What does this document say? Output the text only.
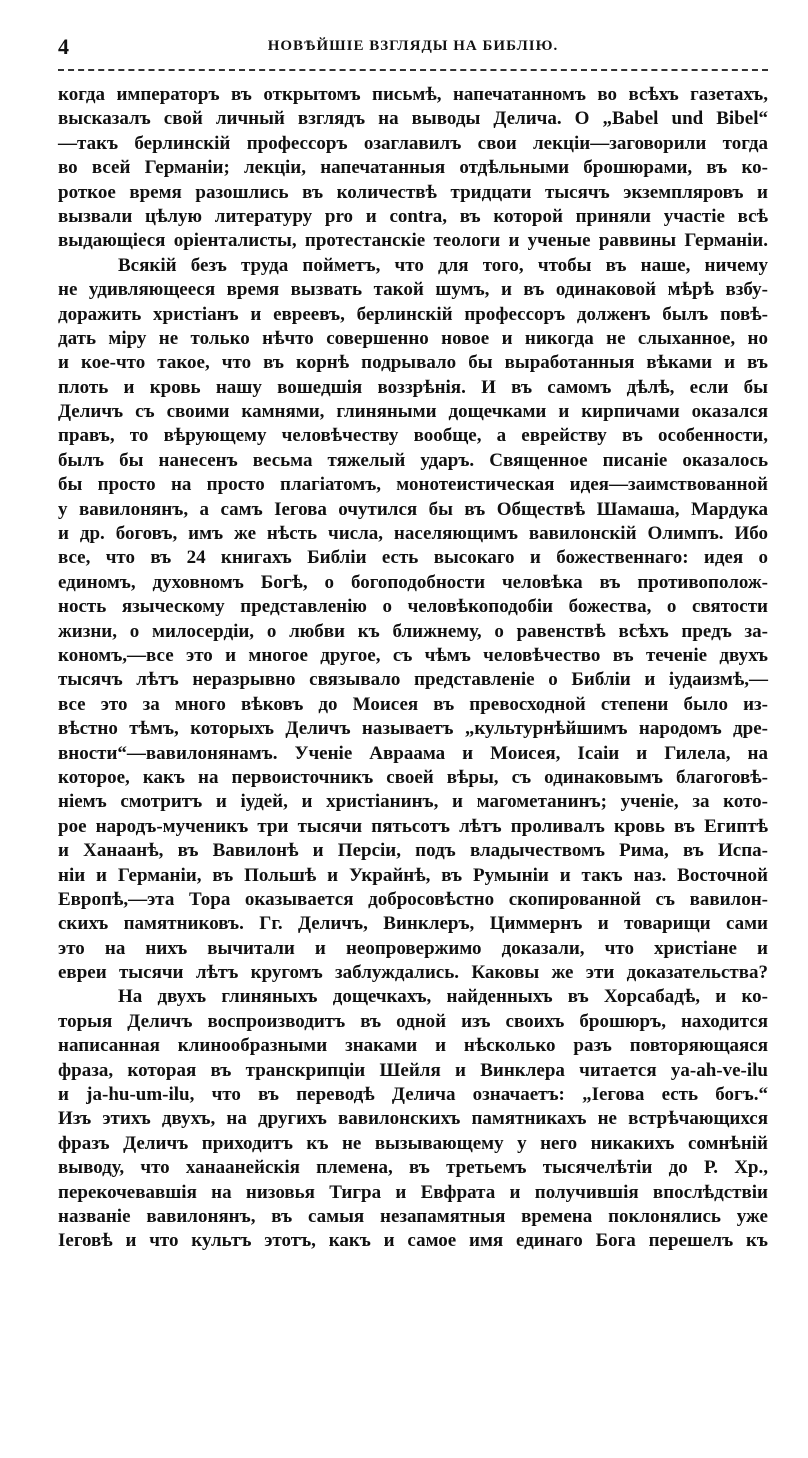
4	НОВѢЙШІЕ ВЗГЛЯДЫ НА БИБЛІЮ.
когда императоръ въ открытомъ письмѣ, напечатанномъ во всѣхъ газетахъ,
высказалъ свой личный взглядъ на выводы Делича. О „Babel und Bibel“
—такъ берлинскій профессоръ озаглавилъ свои лекціи—заговорили тогда
во всей Германіи; лекціи, напечатанныя отдѣльными брошюрами, въ ко-
роткое время разошлись въ количествѣ тридцати тысячъ экземпляровъ и
вызвали цѣлую литературу pro и contra, въ которой приняли участіе всѣ
выдающіеся оріенталисты, протестанскіе теологи и ученые раввины Германіи.
Всякій безъ труда пойметъ, что для того, чтобы въ наше, ничему
не удивляющееся время вызвать такой шумъ, и въ одинаковой мѣрѣ взбу-
доражить христіанъ и евреевъ, берлинскій профессоръ долженъ былъ повѣ-
дать міру не только нѣчто совершенно новое и никогда не слыханное, но
и кое-что такое, что въ корнѣ подрывало бы выработанныя вѣками и въ
плоть и кровь нашу вошедшія воззрѣнія. И въ самомъ дѣлѣ, если бы
Деличъ съ своими камнями, глиняными дощечками и кирпичами оказался
правъ, то вѣрующему человѣчеству вообще, а еврейству въ особенности,
былъ бы нанесенъ весьма тяжелый ударъ. Священное писаніе оказалось
бы просто на просто плагіатомъ, монотеистическая идея—заимствованной
у вавилонянъ, а самъ Іегова очутился бы въ Обществѣ Шамаша, Мардука
и др. боговъ, имъ же нѣсть числа, населяющимъ вавилонскій Олимпъ. Ибо
все, что въ 24 книгахъ Библіи есть высокаго и божественнаго: идея о
единомъ, духовномъ Богѣ, о богоподобности человѣка въ противополож-
ность языческому представленію о человѣкоподобіи божества, о святости
жизни, о милосердіи, о любви къ ближнему, о равенствѣ всѣхъ предъ за-
кономъ,—все это и многое другое, съ чѣмъ человѣчество въ теченіе двухъ
тысячъ лѣтъ неразрывно связывало представленіе о Библіи и іудаизмѣ,—
все это за много вѣковъ до Моисея въ превосходной степени было из-
вѣстно тѣмъ, которыхъ Деличъ называетъ „культурнѣйшимъ народомъ дре-
вности“—вавилонянамъ. Ученіе Авраама и Моисея, Ісаіи и Гилела, на
которое, какъ на первоисточникъ своей вѣры, съ одинаковымъ благоговѣ-
ніемъ смотритъ и іудей, и христіанинъ, и магометанинъ; ученіе, за кото-
рое народъ-мученикъ три тысячи пятьсотъ лѣтъ проливалъ кровь въ Египтѣ
и Ханаанѣ, въ Вавилонѣ и Персіи, подъ владычествомъ Рима, въ Испа-
ніи и Германіи, въ Польшѣ и Украйнѣ, въ Румыніи и такъ наз. Восточной
Европѣ,—эта Тора оказывается добросовѣстно скопированной съ вавилон-
скихъ памятниковъ. Гг. Деличъ, Винклеръ, Циммернъ и товарищи сами
это на нихъ вычитали и неопровержимо доказали, что христіане и
евреи тысячи лѣтъ кругомъ заблуждались. Каковы же эти доказательства?
На двухъ глиняныхъ дощечкахъ, найденныхъ въ Хорсабадѣ, и ко-
торыя Деличъ воспроизводитъ въ одной изъ своихъ брошюръ, находится
написанная клинообразными знаками и нѣсколько разъ повторяющаяся
фраза, которая въ транскрипціи Шейля и Винклера читается ya-ah-ve-ilu
и ja-hu-um-ilu, что въ переводѣ Делича означаетъ: „Іегова есть богъ.“
Изъ этихъ двухъ, на другихъ вавилонскихъ памятникахъ не встрѣчающихся
фразъ Деличъ приходитъ къ не вызывающему у него никакихъ сомнѣній
выводу, что ханаанейскія племена, въ третьемъ тысячелѣтіи до Р. Хр.,
перекочевавшія на низовья Тигра и Евфрата и получившія впослѣдствіи
названіе вавилонянъ, въ самыя незапамятныя времена поклонялись уже
Іеговѣ и что культъ этотъ, какъ и самое имя единаго Бога перешелъ къ
